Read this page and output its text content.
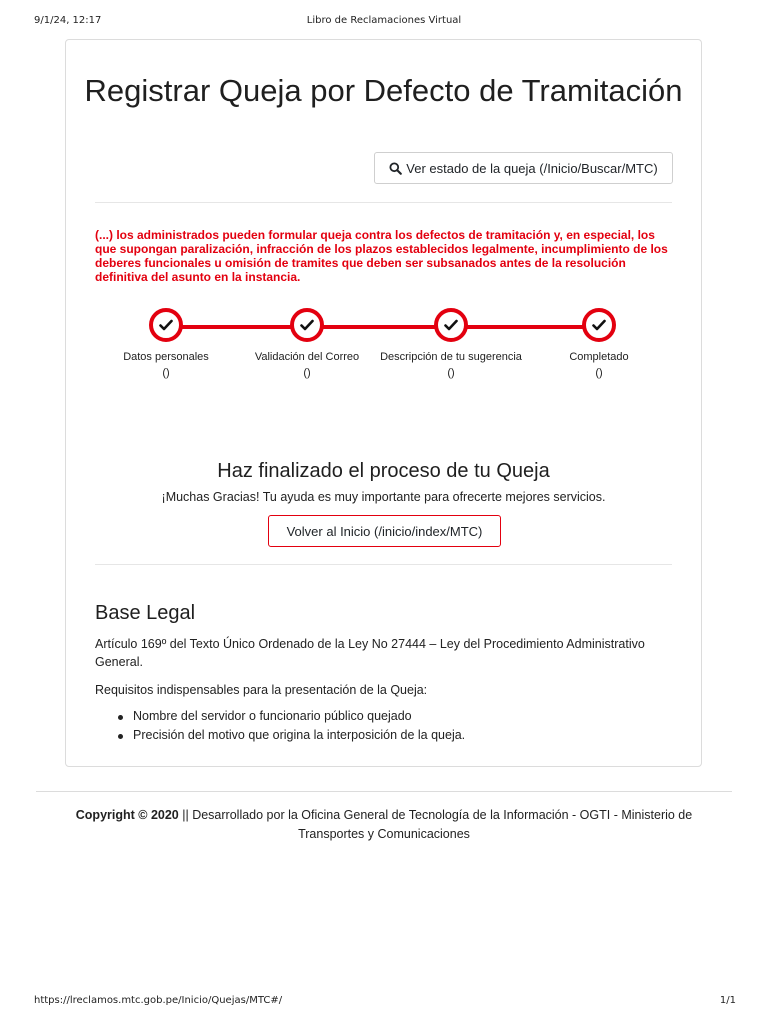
9/1/24, 12:17	Libro de Reclamaciones Virtual
Registrar Queja por Defecto de Tramitación
Ver estado de la queja (/Inicio/Buscar/MTC)

(...) los administrados pueden formular queja contra los defectos de tramitación y, en especial, los que supongan paralización, infracción de los plazos establecidos legalmente, incumplimiento de los deberes funcionales u omisión de tramites que deben ser subsanados antes de la resolución definitiva del asunto en la instancia.

Datos personales
()
Validación del Correo
()
Descripción de tu sugerencia
()
Completado
()
Haz finalizado el proceso de tu Queja

¡Muchas Gracias! Tu ayuda es muy importante para ofrecerte mejores servicios.

Volver al Inicio (/inicio/index/MTC)
Base Legal

Artículo 169º del Texto Único Ordenado de la Ley No 27444 – Ley del Procedimiento Administrativo General.

Requisitos indispensables para la presentación de la Queja:

Nombre del servidor o funcionario público quejado
Precisión del motivo que origina la interposición de la queja.

Copyright © 2020 || Desarrollado por la Oficina General de Tecnología de la Información - OGTI - Ministerio de Transportes y Comunicaciones

https://lreclamos.mtc.gob.pe/Inicio/Quejas/MTC#/	1/1
